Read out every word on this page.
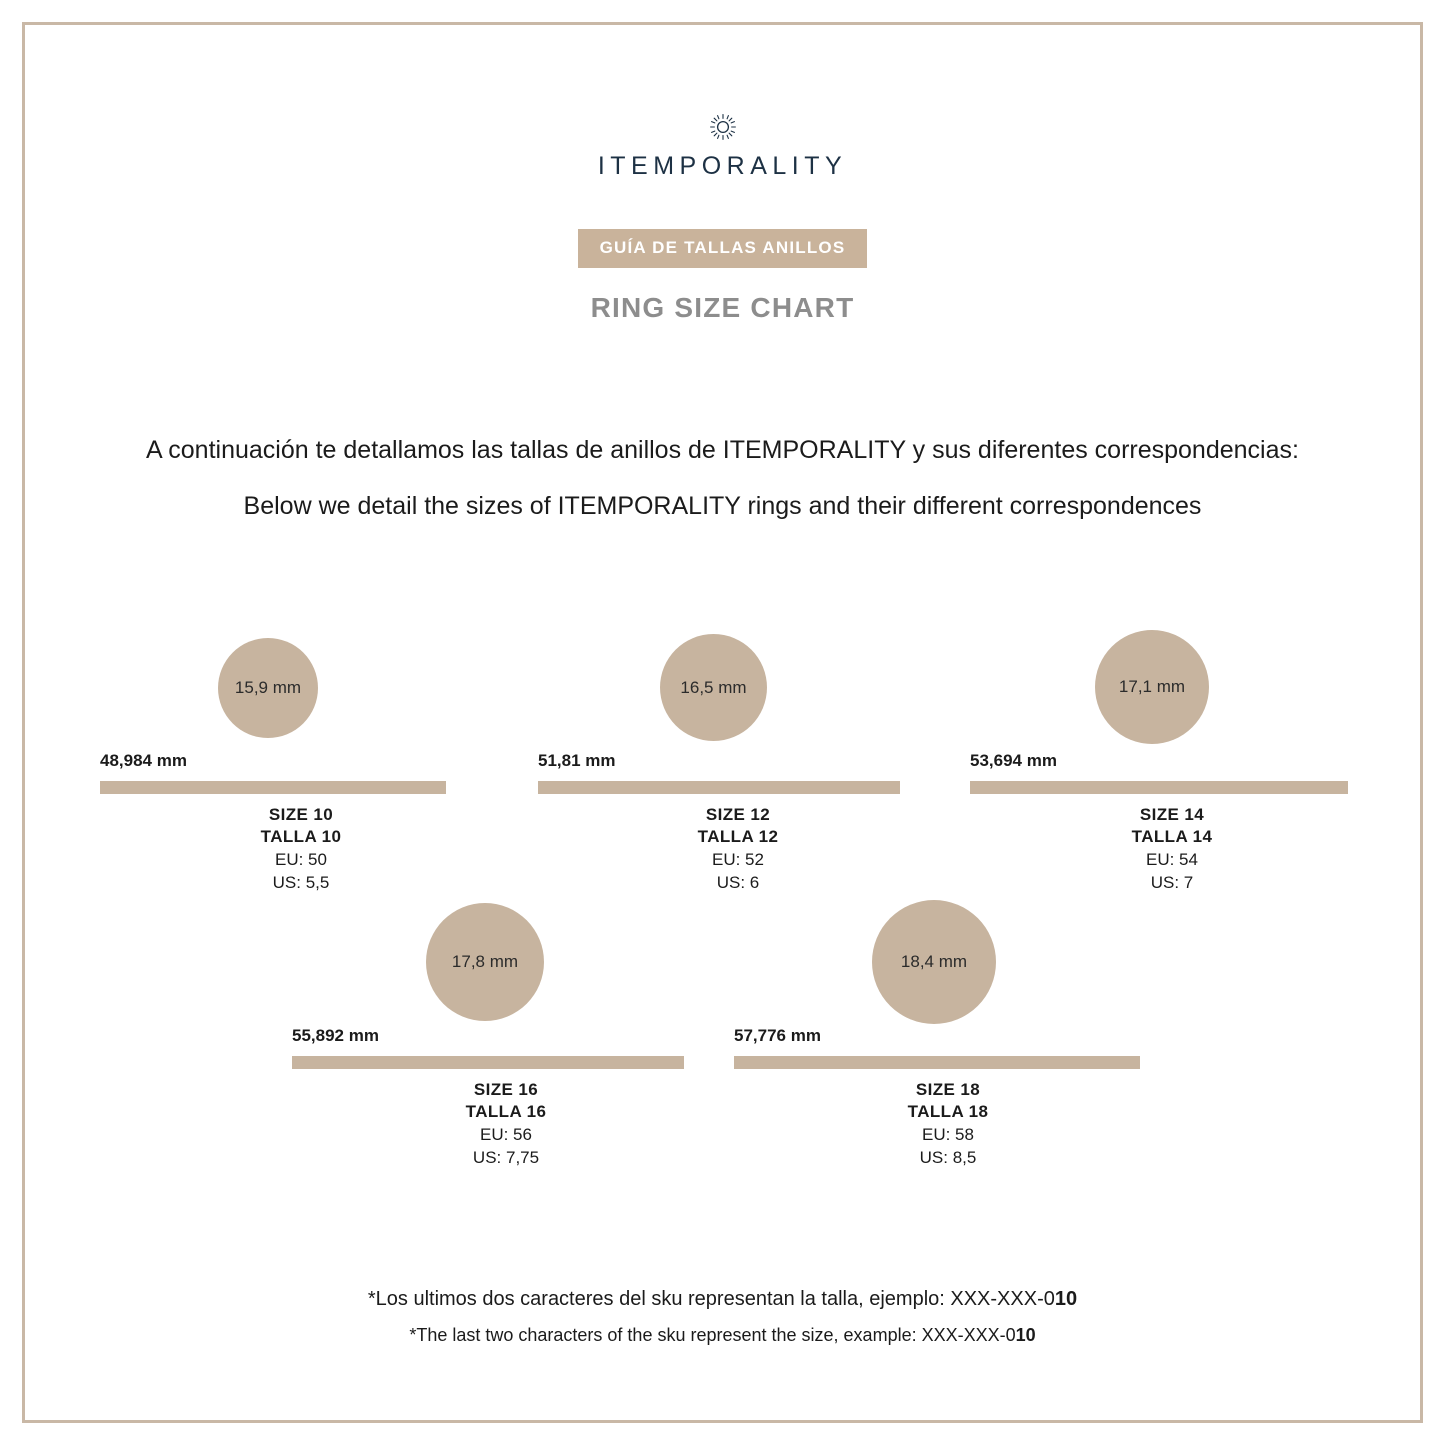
ITEMPORALITY
GUÍA DE TALLAS ANILLOS
RING SIZE CHART
A continuación te detallamos las tallas de anillos de ITEMPORALITY y sus diferentes correspondencias:
Below we detail the sizes of ITEMPORALITY rings and their different correspondences
15,9 mm
48,984 mm
SIZE 10
TALLA 10
EU: 50
US: 5,5
16,5 mm
51,81 mm
SIZE 12
TALLA 12
EU: 52
US: 6
17,1 mm
53,694 mm
SIZE 14
TALLA 14
EU: 54
US: 7
17,8 mm
55,892 mm
SIZE 16
TALLA 16
EU: 56
US: 7,75
18,4 mm
57,776 mm
SIZE 18
TALLA 18
EU: 58
US: 8,5
*Los ultimos dos caracteres del sku representan la talla, ejemplo: XXX-XXX-010
*The last two characters of the sku represent the size, example: XXX-XXX-010
